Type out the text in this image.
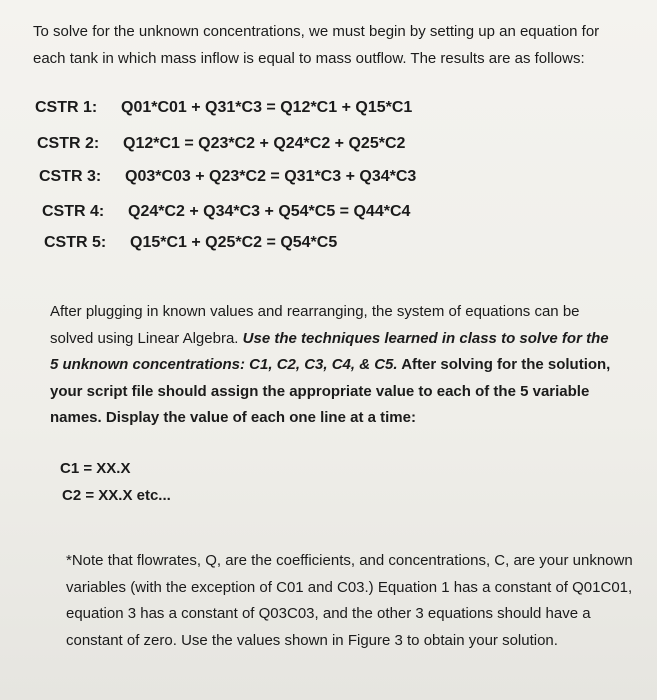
To solve for the unknown concentrations, we must begin by setting up an equation for each tank in which mass inflow is equal to mass outflow. The results are as follows:
CSTR 1: Q01*C01 + Q31*C3 = Q12*C1 + Q15*C1
CSTR 2: Q12*C1 = Q23*C2 + Q24*C2 + Q25*C2
CSTR 3: Q03*C03 + Q23*C2 = Q31*C3 + Q34*C3
CSTR 4: Q24*C2 + Q34*C3 + Q54*C5 = Q44*C4
CSTR 5: Q15*C1 + Q25*C2 = Q54*C5
After plugging in known values and rearranging, the system of equations can be solved using Linear Algebra. Use the techniques learned in class to solve for the 5 unknown concentrations: C1, C2, C3, C4, & C5. After solving for the solution, your script file should assign the appropriate value to each of the 5 variable names. Display the value of each one line at a time:
C1 = XX.X
C2 = XX.X etc...
*Note that flowrates, Q, are the coefficients, and concentrations, C, are your unknown variables (with the exception of C01 and C03.) Equation 1 has a constant of Q01C01, equation 3 has a constant of Q03C03, and the other 3 equations should have a constant of zero. Use the values shown in Figure 3 to obtain your solution.
